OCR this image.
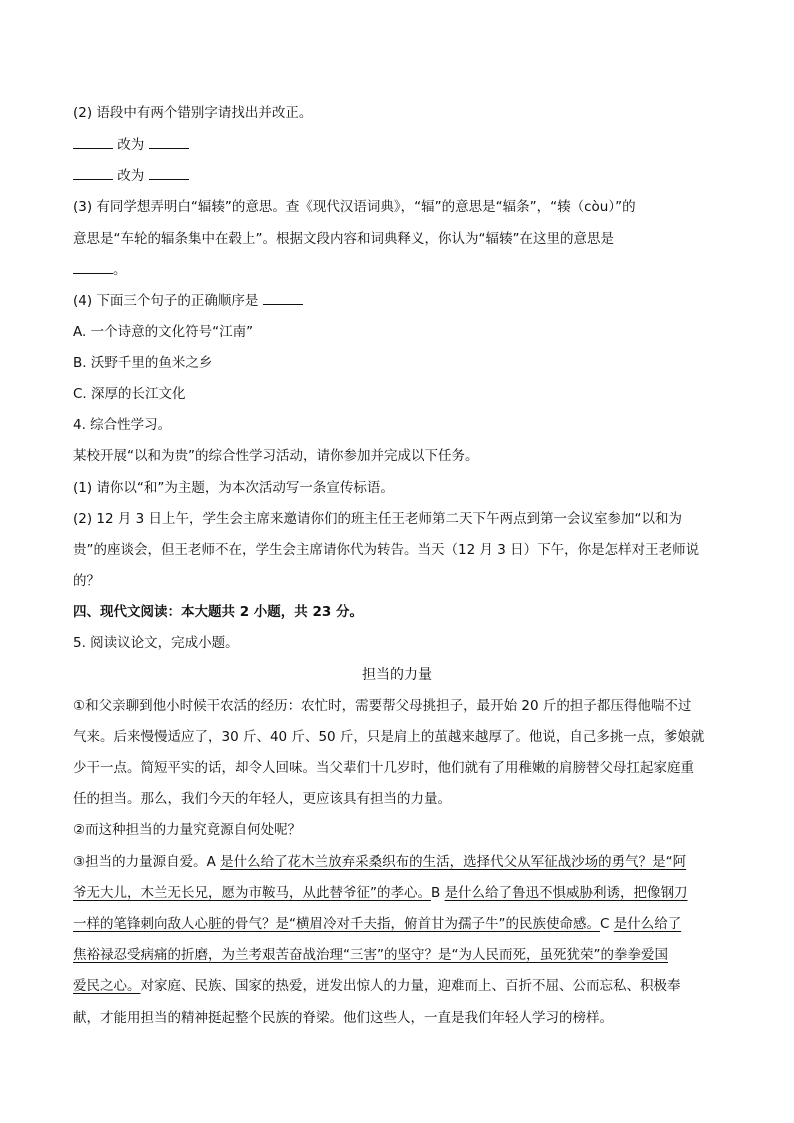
(2) 语段中有两个错别字请找出并改正。
改为
改为
(3) 有同学想弄明白“辐辏”的意思。查《现代汉语词典》，“辐”的意思是“辐条”，“辏（còu）”的
意思是“车轮的辐条集中在毂上”。根据文段内容和词典释义，你认为“辐辏”在这里的意思是
。
(4) 下面三个句子的正确顺序是
A. 一个诗意的文化符号“江南”
B. 沃野千里的鱼米之乡
C. 深厚的长江文化
4. 综合性学习。
某校开展“以和为贵”的综合性学习活动，请你参加并完成以下任务。
(1) 请你以“和”为主题，为本次活动写一条宣传标语。
(2) 12 月 3 日上午，学生会主席来邀请你们的班主任王老师第二天下午两点到第一会议室参加“以和为
贵”的座谈会，但王老师不在，学生会主席请你代为转告。当天（12 月 3 日）下午，你是怎样对王老师说
的？
四、现代文阅读：本大题共 2 小题，共 23 分。
5. 阅读议论文，完成小题。
担当的力量
①和父亲聊到他小时候干农活的经历：农忙时，需要帮父母挑担子，最开始 20 斤的担子都压得他喘不过
气来。后来慢慢适应了，30 斤、40 斤、50 斤，只是肩上的茧越来越厚了。他说，自己多挑一点，爹娘就
少干一点。简短平实的话，却令人回味。当父辈们十几岁时，他们就有了用稚嫩的肩膀替父母扛起家庭重
任的担当。那么，我们今天的年轻人，更应该具有担当的力量。
②而这种担当的力量究竟源自何处呢？
③担当的力量源自爱。A 是什么给了花木兰放弃采桑织布的生活，选择代父从军征战沙场的勇气？是“阿
爷无大儿，木兰无长兄，愿为市鞍马，从此替爷征”的孝心。B 是什么给了鲁迅不惧威胁利诱，把像钢刀
一样的笔锋刺向敌人心脏的骨气？是“横眉冷对千夫指，俯首甘为孺子牛”的民族使命感。C 是什么给了
焦裕禄忍受病痛的折磨，为兰考艰苦奋战治理“三害”的坚守？是“为人民而死，虽死犹荣”的拳拳爱国
爱民之心。对家庭、民族、国家的热爱，迸发出惊人的力量，迎难而上、百折不屈、公而忘私、积极奉
献，才能用担当的精神挺起整个民族的脊梁。他们这些人，一直是我们年轻人学习的榜样。
